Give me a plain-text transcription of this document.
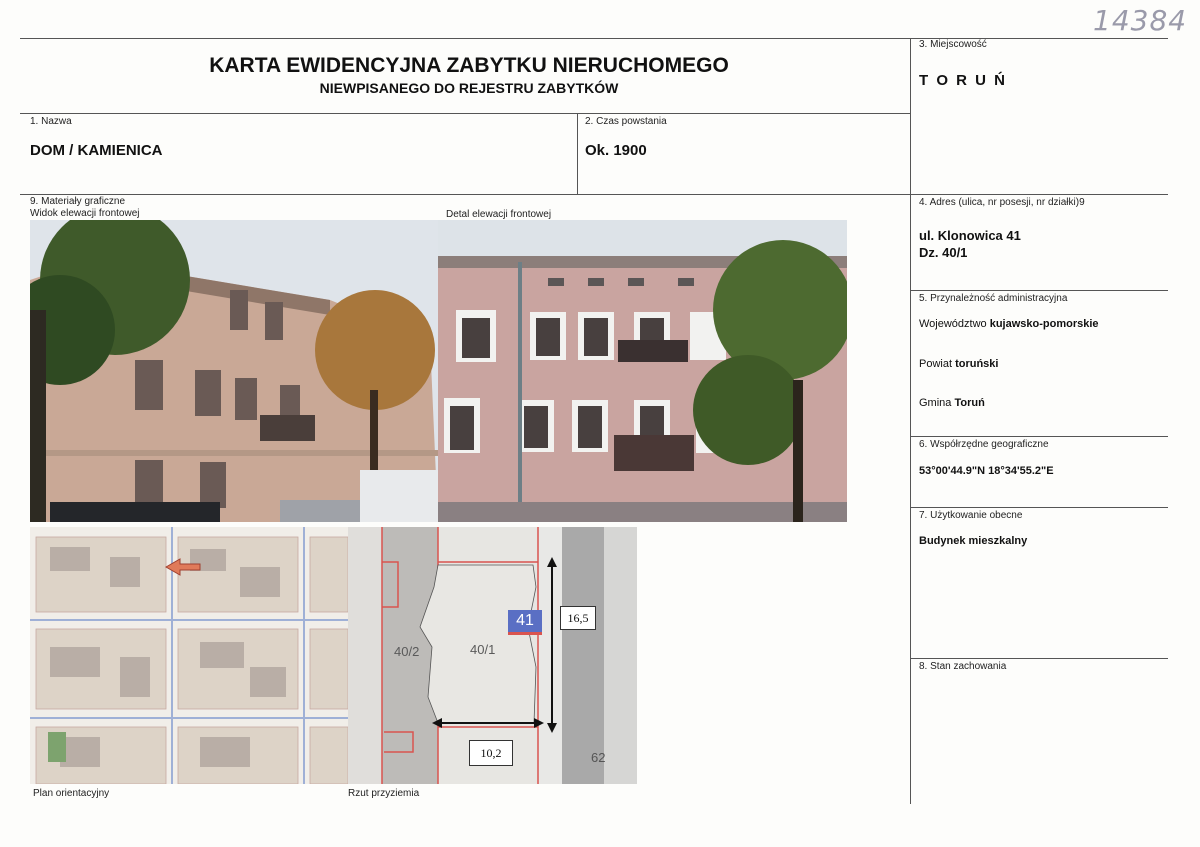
14384
KARTA EWIDENCYJNA ZABYTKU NIERUCHOMEGO
NIEWPISANEGO DO REJESTRU ZABYTKÓW
1. Nazwa
DOM / KAMIENICA
2. Czas powstania
Ok. 1900
3. Miejscowość
T O R U Ń
4. Adres (ulica, nr posesji, nr działki)9
ul. Klonowica 41
Dz. 40/1
5. Przynależność administracyjna
Województwo kujawsko-pomorskie
Powiat toruński
Gmina Toruń
6. Współrzędne geograficzne
53°00'44.9"N 18°34'55.2"E
7. Użytkowanie obecne
Budynek mieszkalny
8. Stan zachowania
9. Materiały graficzne
Widok elewacji frontowej	Detal elewacji frontowej
Plan orientacyjny	Rzut przyziemia
40/2	40/1
41	16,5
10,2	62
